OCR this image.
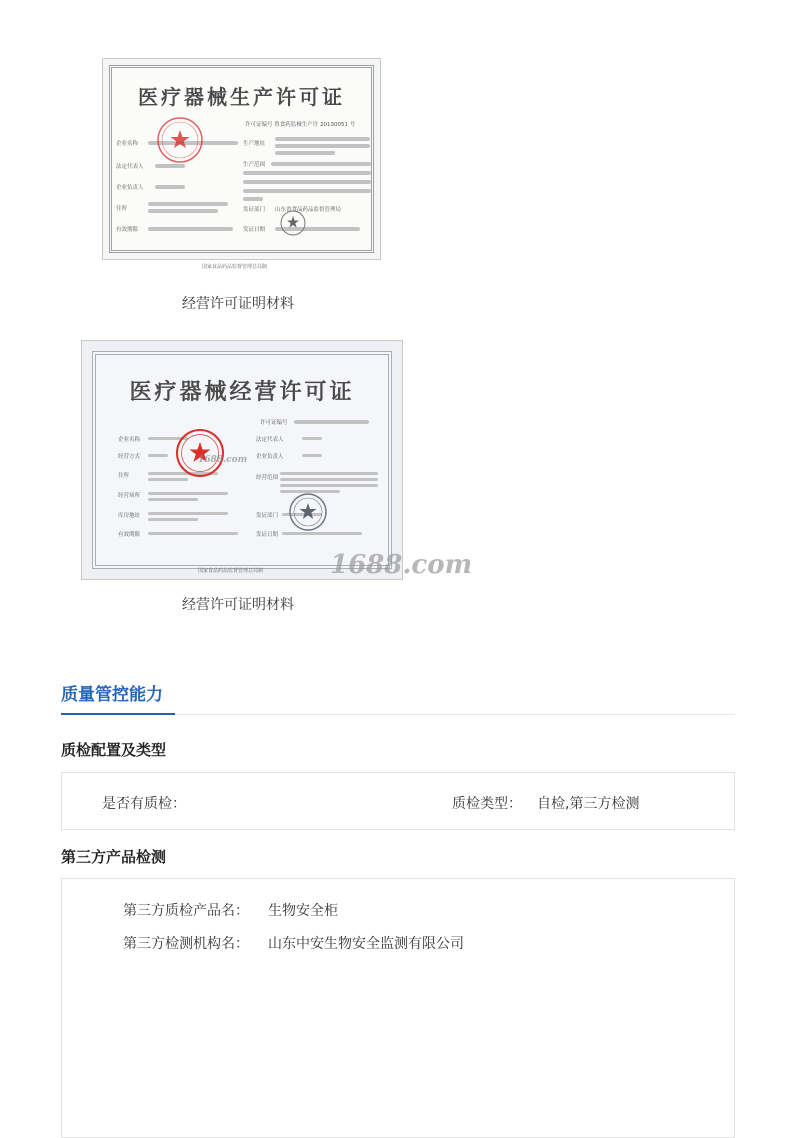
医疗器械生产许可证
许可证编号 鲁食药监械生产许 20130051 号
企业名称
法定代表人
企业负责人
住所
有效期限
生产地址
生产范围
发证部门
发证日期
山东省食品药品监督管理局
国家食品药品监督管理总局制
经营许可证明材料
医疗器械经营许可证
许可证编号
企业名称
经营方式
住所
经营场所
库房地址
有效期限
法定代表人
企业负责人
经营范围
发证部门
发证日期
1688.com
国家食品药品监督管理总局制	1688.com
经营许可证明材料
质量管控能力
质检配置及类型
是否有质检：	质检类型： 自检,第三方检测
第三方产品检测
第三方质检产品名： 生物安全柜
第三方检测机构名： 山东中安生物安全监测有限公司
